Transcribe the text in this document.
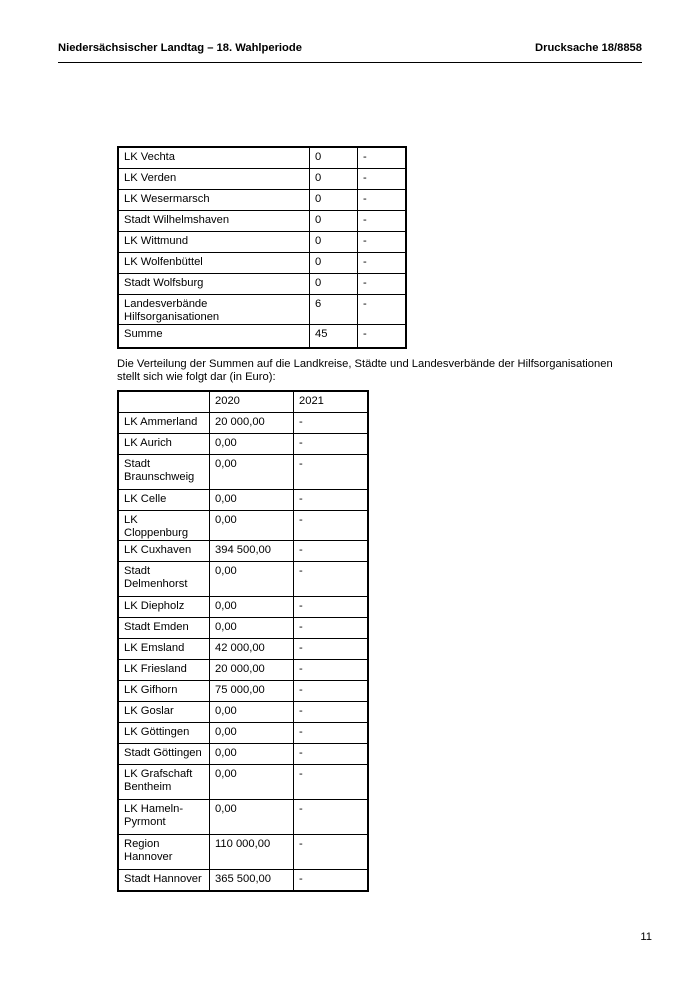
Niedersächsischer Landtag – 18. Wahlperiode	Drucksache 18/8858
LK Vechta	0	-
LK Verden	0	-
LK Wesermarsch	0	-
Stadt Wilhelmshaven	0	-
LK Wittmund	0	-
LK Wolfenbüttel	0	-
Stadt Wolfsburg	0	-
Landesverbände Hilfsorganisationen	6	-
Summe	45	-
Die Verteilung der Summen auf die Landkreise, Städte und Landesverbände der Hilfsorganisationen
stellt sich wie folgt dar (in Euro):
	2020	2021
LK Ammerland	20 000,00	-
LK Aurich	0,00	-
Stadt
Braunschweig	0,00	-
LK Celle	0,00	-
LK Cloppenburg	0,00	-
LK Cuxhaven	394 500,00	-
Stadt
Delmenhorst	0,00	-
LK Diepholz	0,00	-
Stadt Emden	0,00	-
LK Emsland	42 000,00	-
LK Friesland	20 000,00	-
LK Gifhorn	75 000,00	-
LK Goslar	0,00	-
LK Göttingen	0,00	-
Stadt Göttingen	0,00	-
LK Grafschaft
Bentheim	0,00	-
LK Hameln-
Pyrmont	0,00	-
Region
Hannover	110 000,00	-
Stadt Hannover	365 500,00	-
11
